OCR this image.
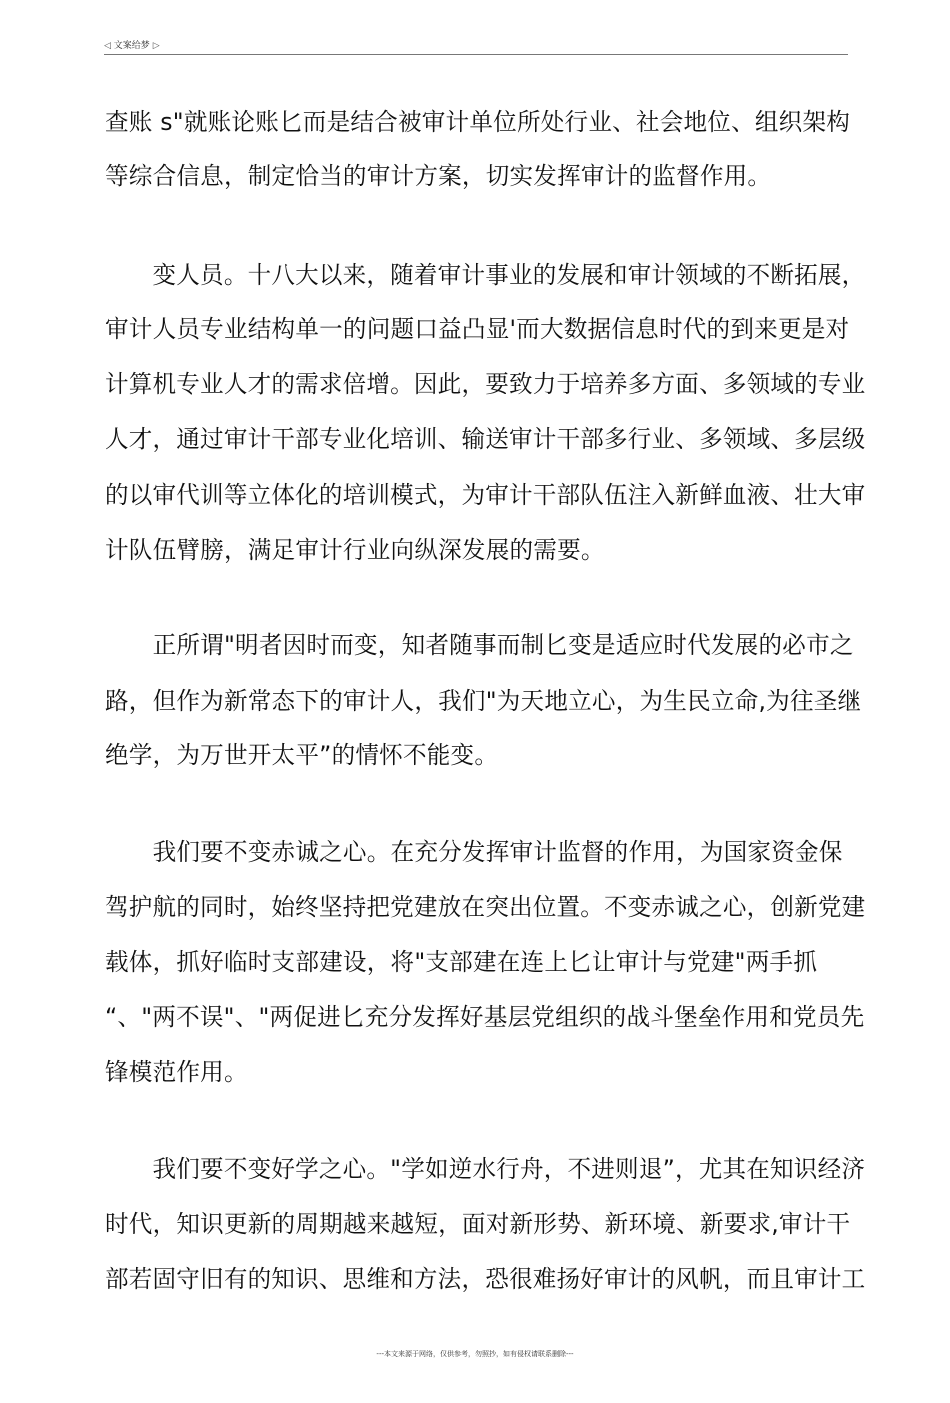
◁ 文案给梦 ▷
查账 s"就账论账匕而是结合被审计单位所处行业、社会地位、组织架构
等综合信息，制定恰当的审计方案，切实发挥审计的监督作用。
　　变人员。十八大以来，随着审计事业的发展和审计领域的不断拓展，
审计人员专业结构单一的问题口益凸显'而大数据信息时代的到来更是对
计算机专业人才的需求倍增。因此，要致力于培养多方面、多领域的专业
人才，通过审计干部专业化培训、输送审计干部多行业、多领域、多层级
的以审代训等立体化的培训模式，为审计干部队伍注入新鲜血液、壮大审
计队伍臂膀，满足审计行业向纵深发展的需要。
　　正所谓"明者因时而变，知者随事而制匕变是适应时代发展的必市之
路，但作为新常态下的审计人，我们"为天地立心，为生民立命,为往圣继
绝学，为万世开太平”的情怀不能变。
　　我们要不变赤诚之心。在充分发挥审计监督的作用，为国家资金保
驾护航的同时，始终坚持把党建放在突出位置。不变赤诚之心，创新党建
载体，抓好临时支部建设，将"支部建在连上匕让审计与党建"两手抓
“、"两不误"、"两促进匕充分发挥好基层党组织的战斗堡垒作用和党员先
锋模范作用。
　　我们要不变好学之心。"学如逆水行舟，不进则退”，尤其在知识经济
时代，知识更新的周期越来越短，面对新形势、新环境、新要求,审计干
部若固守旧有的知识、思维和方法，恐很难扬好审计的风帆，而且审计工
---本文来源于网络，仅供参考，勿照抄，如有侵权请联系删除---
